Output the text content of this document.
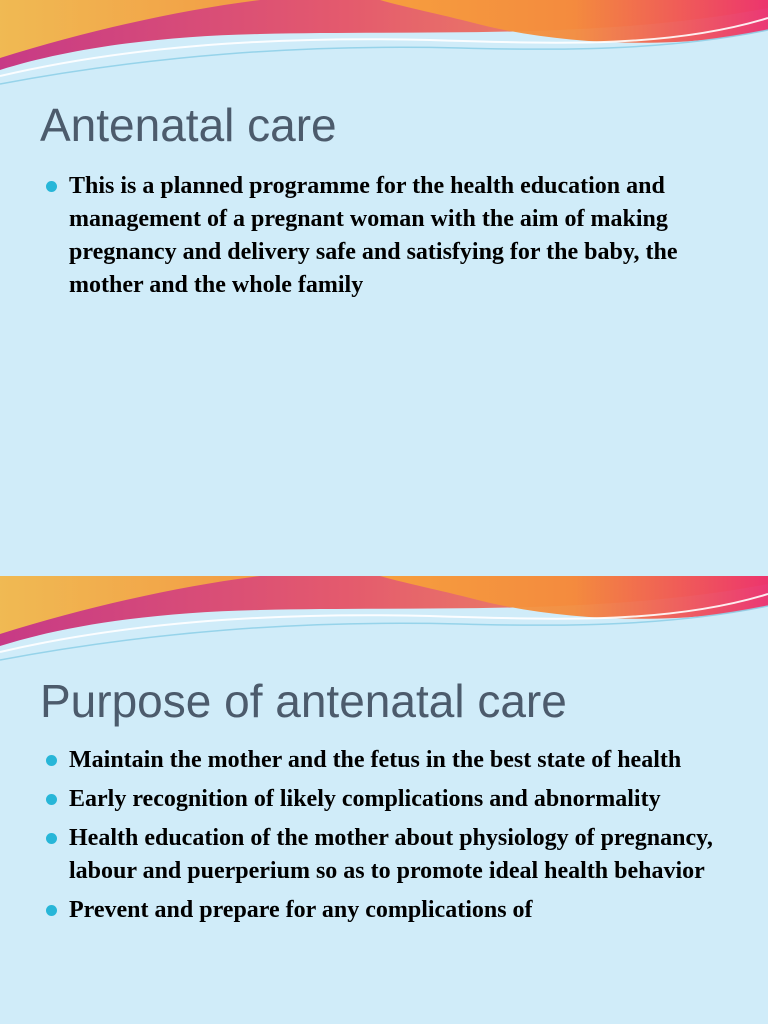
Antenatal care
This is a planned programme for the health education and management of a pregnant woman with the aim of making pregnancy and delivery safe and satisfying for the baby, the mother and the whole family
Purpose of antenatal care
Maintain the mother and the fetus in the best state of health
Early recognition of likely complications and abnormality
Health education of the mother about physiology of pregnancy, labour and puerperium so as to promote ideal health behavior
Prevent and prepare for any complications of
